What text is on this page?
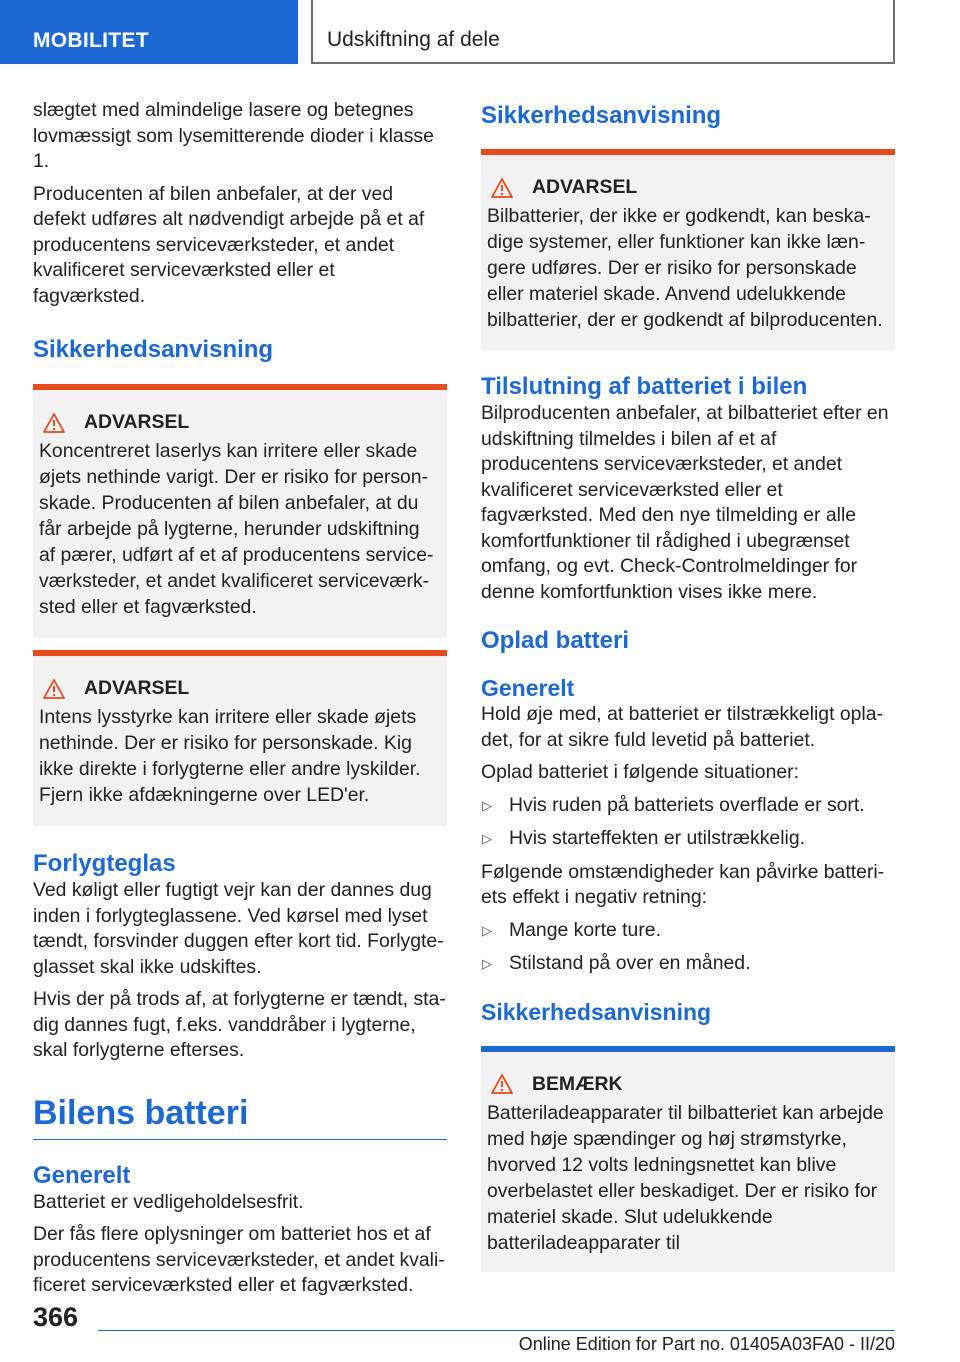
MOBILITET	Udskiftning af dele

slægtet med almindelige lasere og betegnes lovmæssigt som lysemitterende dioder i klasse 1.

Producenten af bilen anbefaler, at der ved defekt udføres alt nødvendigt arbejde på et af producentens serviceværksteder, et andet kvalificeret serviceværksted eller et fagværksted.

Sikkerhedsanvisning
ADVARSEL

Koncentreret laserlys kan irritere eller skade øjets nethinde varigt. Der er risiko for personskade. Producenten af bilen anbefaler, at du får arbejde på lygterne, herunder udskiftning af pærer, udført af et af producentens serviceværksteder, et andet kvalificeret serviceværksted eller et fagværksted.

ADVARSEL

Intens lysstyrke kan irritere eller skade øjets nethinde. Der er risiko for personskade. Kig ikke direkte i forlygterne eller andre lyskilder. Fjern ikke afdækningerne over LED'er.

Forlygteglas

Ved køligt eller fugtigt vejr kan der dannes dug inden i forlygteglassene. Ved kørsel med lyset tændt, forsvinder duggen efter kort tid. Forlygteglasset skal ikke udskiftes.

Hvis der på trods af, at forlygterne er tændt, stadig dannes fugt, f.eks. vanddråber i lygterne, skal forlygterne efterses.

Bilens batteri
Generelt

Batteriet er vedligeholdelsesfrit.

Der fås flere oplysninger om batteriet hos et af producentens serviceværksteder, et andet kvalificeret serviceværksted eller et fagværksted.

Sikkerhedsanvisning
ADVARSEL

Bilbatterier, der ikke er godkendt, kan beskadige systemer, eller funktioner kan ikke længere udføres. Der er risiko for personskade eller materiel skade. Anvend udelukkende bilbatterier, der er godkendt af bilproducenten.

Tilslutning af batteriet i bilen

Bilproducenten anbefaler, at bilbatteriet efter en udskiftning tilmeldes i bilen af et af producentens serviceværksteder, et andet kvalificeret serviceværksted eller et fagværksted. Med den nye tilmelding er alle komfortfunktioner til rådighed i ubegrænset omfang, og evt. Check-Controlmeldinger for denne komfortfunktion vises ikke mere.

Oplad batteri
Generelt

Hold øje med, at batteriet er tilstrækkeligt opladet, for at sikre fuld levetid på batteriet.

Oplad batteriet i følgende situationer:

▷ Hvis ruden på batteriets overflade er sort.
▷ Hvis starteffekten er utilstrækkelig.

Følgende omstændigheder kan påvirke batteriets effekt i negativ retning:

▷ Mange korte ture.
▷ Stilstand på over en måned.
Sikkerhedsanvisning
BEMÆRK

Batteriladeapparater til bilbatteriet kan arbejde med høje spændinger og høj strømstyrke, hvorved 12 volts ledningsnettet kan blive overbelastet eller beskadiget. Der er risiko for materiel skade. Slut udelukkende batteriladeapparater til

366
Online Edition for Part no. 01405A03FA0 - II/20
